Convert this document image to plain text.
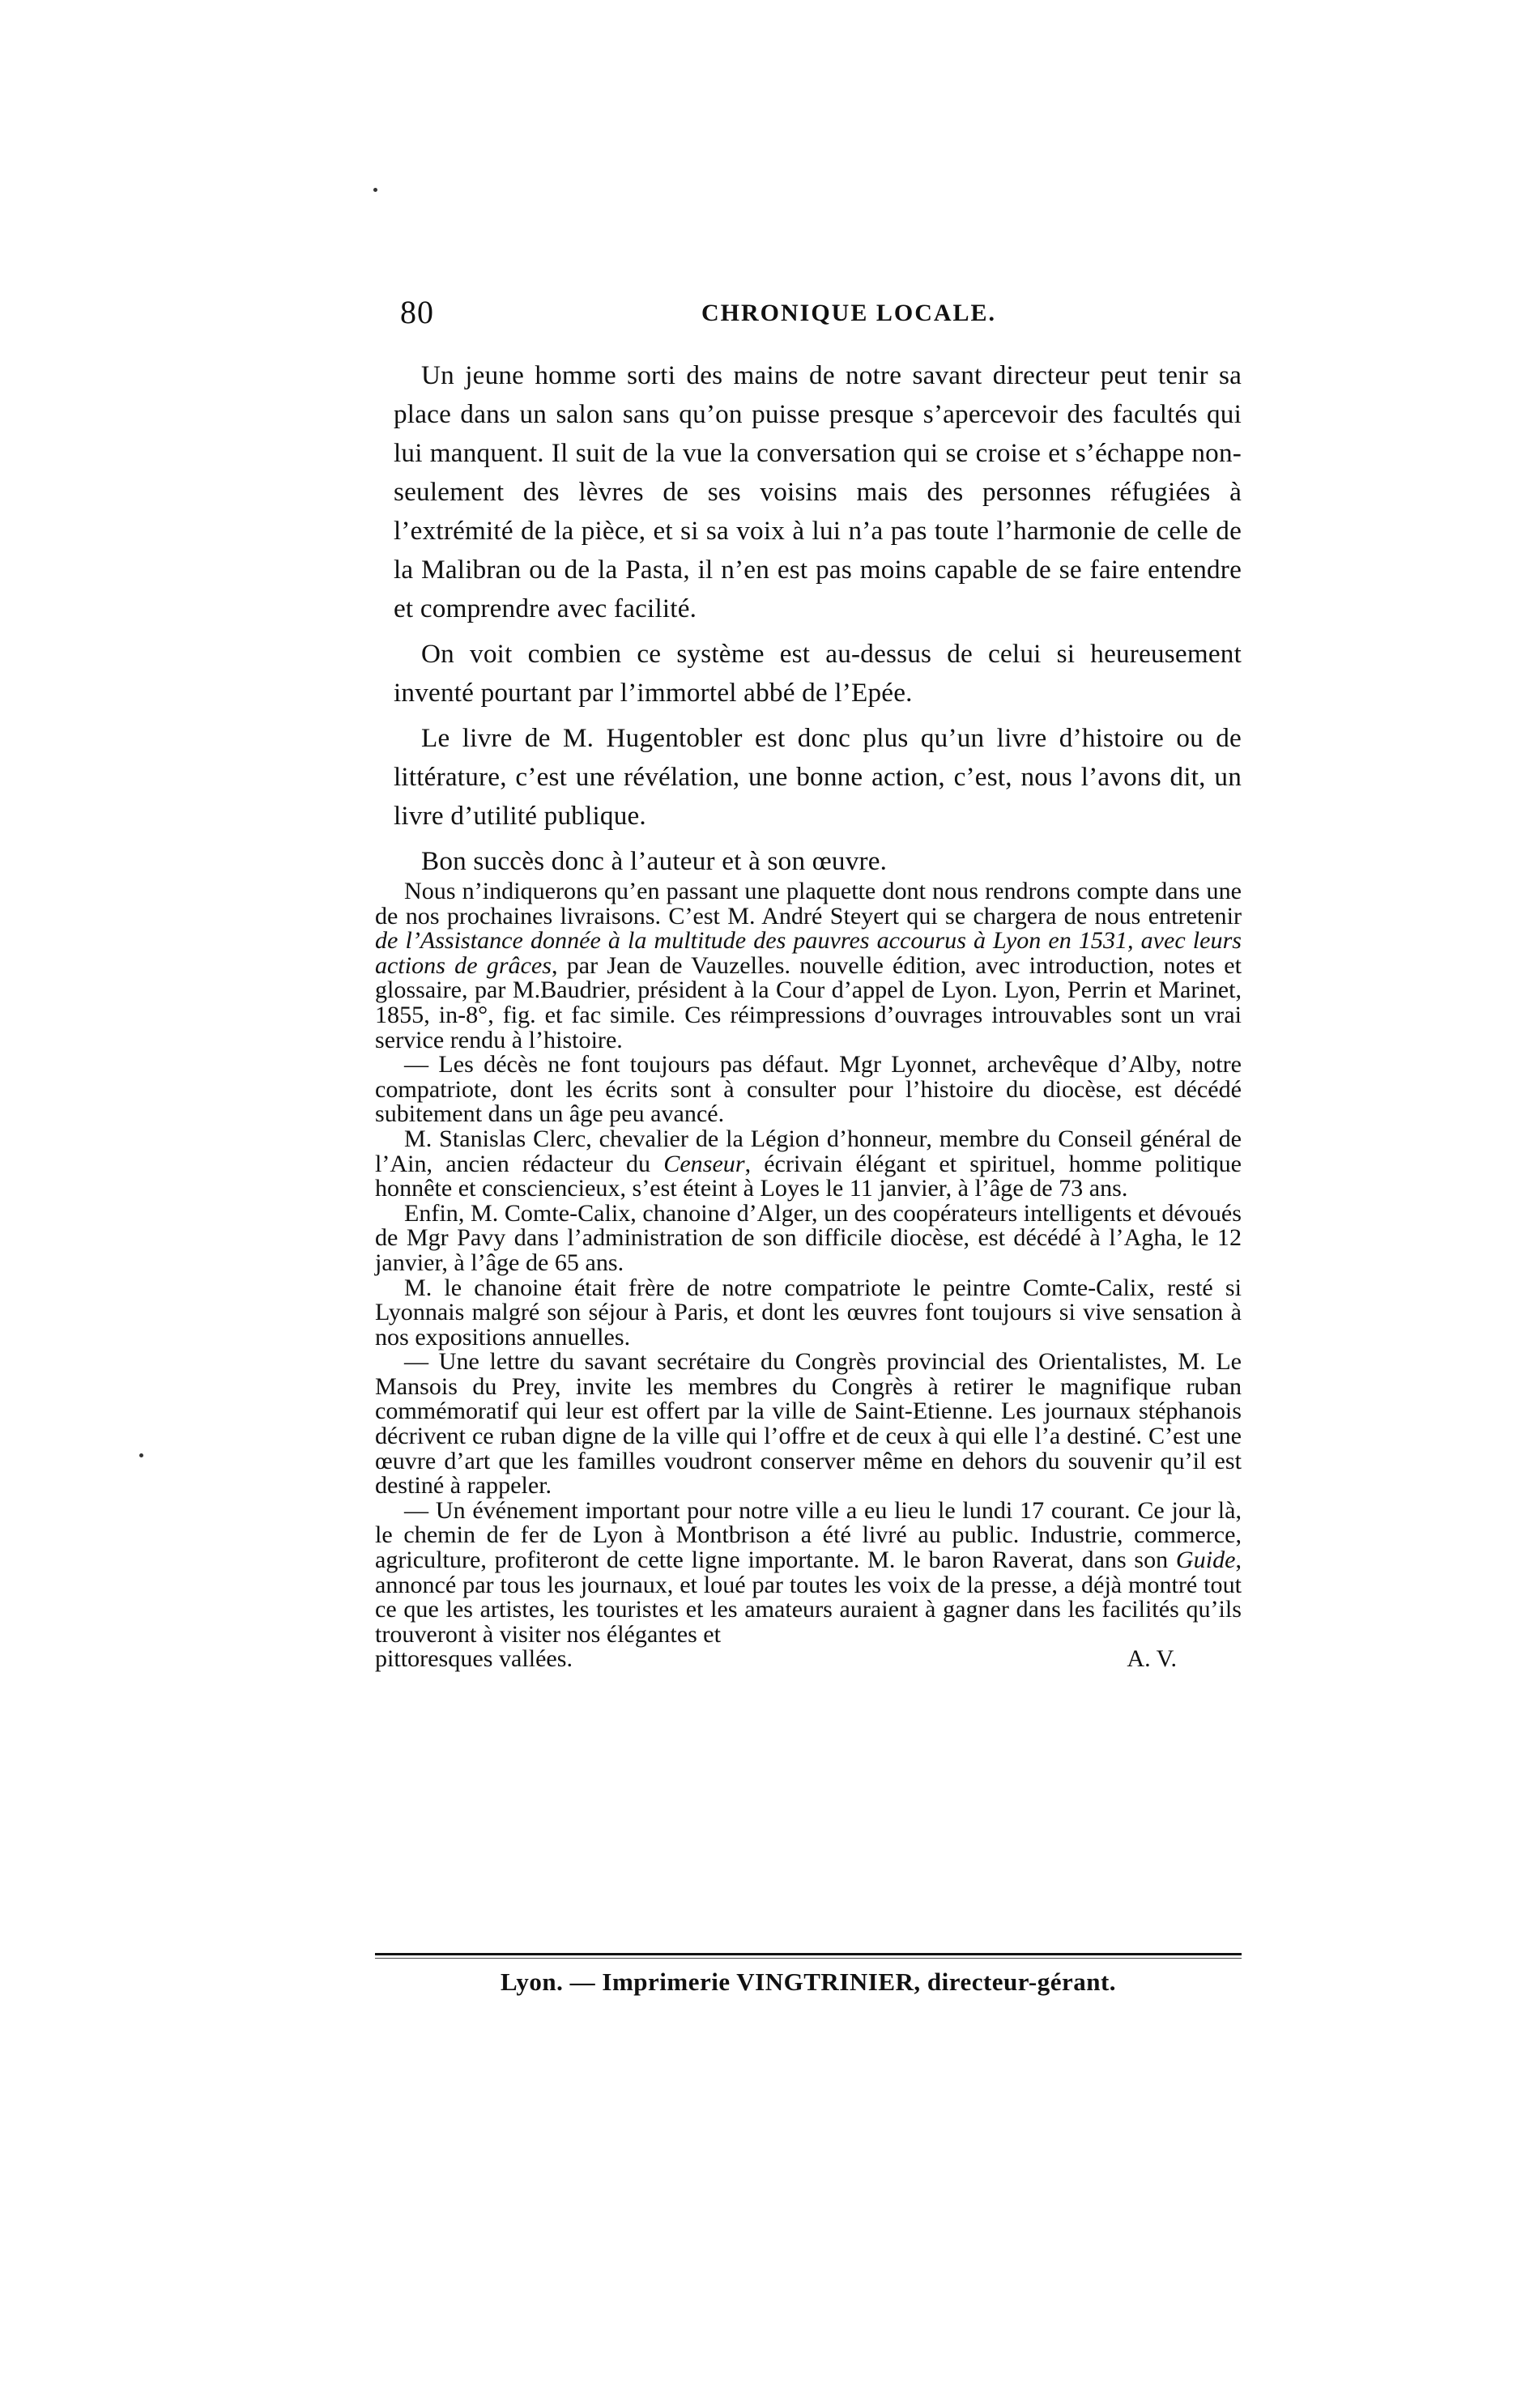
80	CHRONIQUE LOCALE.

Un jeune homme sorti des mains de notre savant directeur peut tenir sa place dans un salon sans qu’on puisse presque s’apercevoir des facultés qui lui manquent. Il suit de la vue la conversation qui se croise et s’échappe non-seulement des lèvres de ses voisins mais des personnes réfugiées à l’extrémité de la pièce, et si sa voix à lui n’a pas toute l’harmonie de celle de la Malibran ou de la Pasta, il n’en est pas moins capable de se faire entendre et comprendre avec facilité.

On voit combien ce système est au-dessus de celui si heureusement inventé pourtant par l’immortel abbé de l’Epée.

Le livre de M. Hugentobler est donc plus qu’un livre d’histoire ou de littérature, c’est une révélation, une bonne action, c’est, nous l’avons dit, un livre d’utilité publique.

Bon succès donc à l’auteur et à son œuvre.

Nous n’indiquerons qu’en passant une plaquette dont nous rendrons compte dans une de nos prochaines livraisons. C’est M. André Steyert qui se chargera de nous entretenir de l’Assistance donnée à la multitude des pauvres accourus à Lyon en 1531, avec leurs actions de grâces, par Jean de Vauzelles. nouvelle édition, avec introduction, notes et glossaire, par M.Baudrier, président à la Cour d’appel de Lyon. Lyon, Perrin et Marinet, 1855, in-8°, fig. et fac simile. Ces réimpressions d’ouvrages introuvables sont un vrai service rendu à l’histoire.

— Les décès ne font toujours pas défaut. Mgr Lyonnet, archevêque d’Alby, notre compatriote, dont les écrits sont à consulter pour l’histoire du diocèse, est décédé subitement dans un âge peu avancé.

M. Stanislas Clerc, chevalier de la Légion d’honneur, membre du Conseil général de l’Ain, ancien rédacteur du Censeur, écrivain élégant et spirituel, homme politique honnête et consciencieux, s’est éteint à Loyes le 11 janvier, à l’âge de 73 ans.

Enfin, M. Comte-Calix, chanoine d’Alger, un des coopérateurs intelligents et dévoués de Mgr Pavy dans l’administration de son difficile diocèse, est décédé à l’Agha, le 12 janvier, à l’âge de 65 ans.

M. le chanoine était frère de notre compatriote le peintre Comte-Calix, resté si Lyonnais malgré son séjour à Paris, et dont les œuvres font toujours si vive sensation à nos expositions annuelles.

— Une lettre du savant secrétaire du Congrès provincial des Orientalistes, M. Le Mansois du Prey, invite les membres du Congrès à retirer le magnifique ruban commémoratif qui leur est offert par la ville de Saint-Etienne. Les journaux stéphanois décrivent ce ruban digne de la ville qui l’offre et de ceux à qui elle l’a destiné. C’est une œuvre d’art que les familles voudront conserver même en dehors du souvenir qu’il est destiné à rappeler.

— Un événement important pour notre ville a eu lieu le lundi 17 courant. Ce jour là, le chemin de fer de Lyon à Montbrison a été livré au public. Industrie, commerce, agriculture, profiteront de cette ligne importante. M. le baron Raverat, dans son Guide, annoncé par tous les journaux, et loué par toutes les voix de la presse, a déjà montré tout ce que les artistes, les touristes et les amateurs auraient à gagner dans les facilités qu’ils trouveront à visiter nos élégantes et

pittoresques vallées.	A. V.

Lyon. — Imprimerie VINGTRINIER, directeur-gérant.
